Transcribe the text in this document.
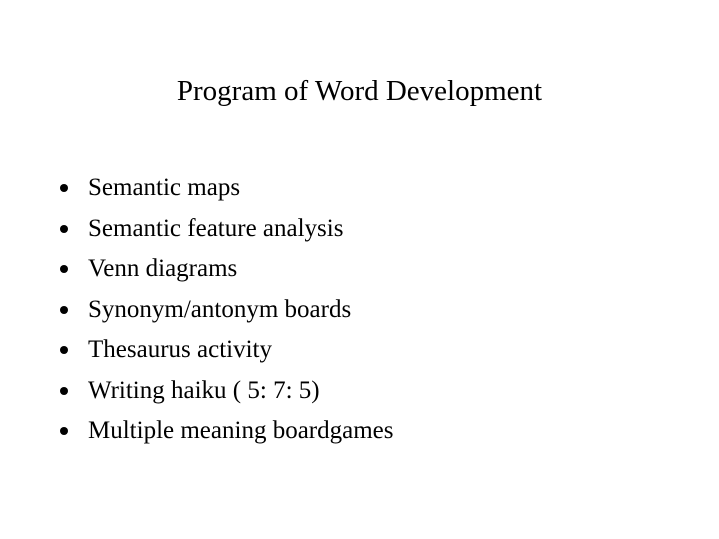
Program of Word Development
Semantic maps
Semantic feature analysis
Venn diagrams
Synonym/antonym boards
Thesaurus activity
Writing haiku ( 5: 7: 5)
Multiple meaning boardgames
